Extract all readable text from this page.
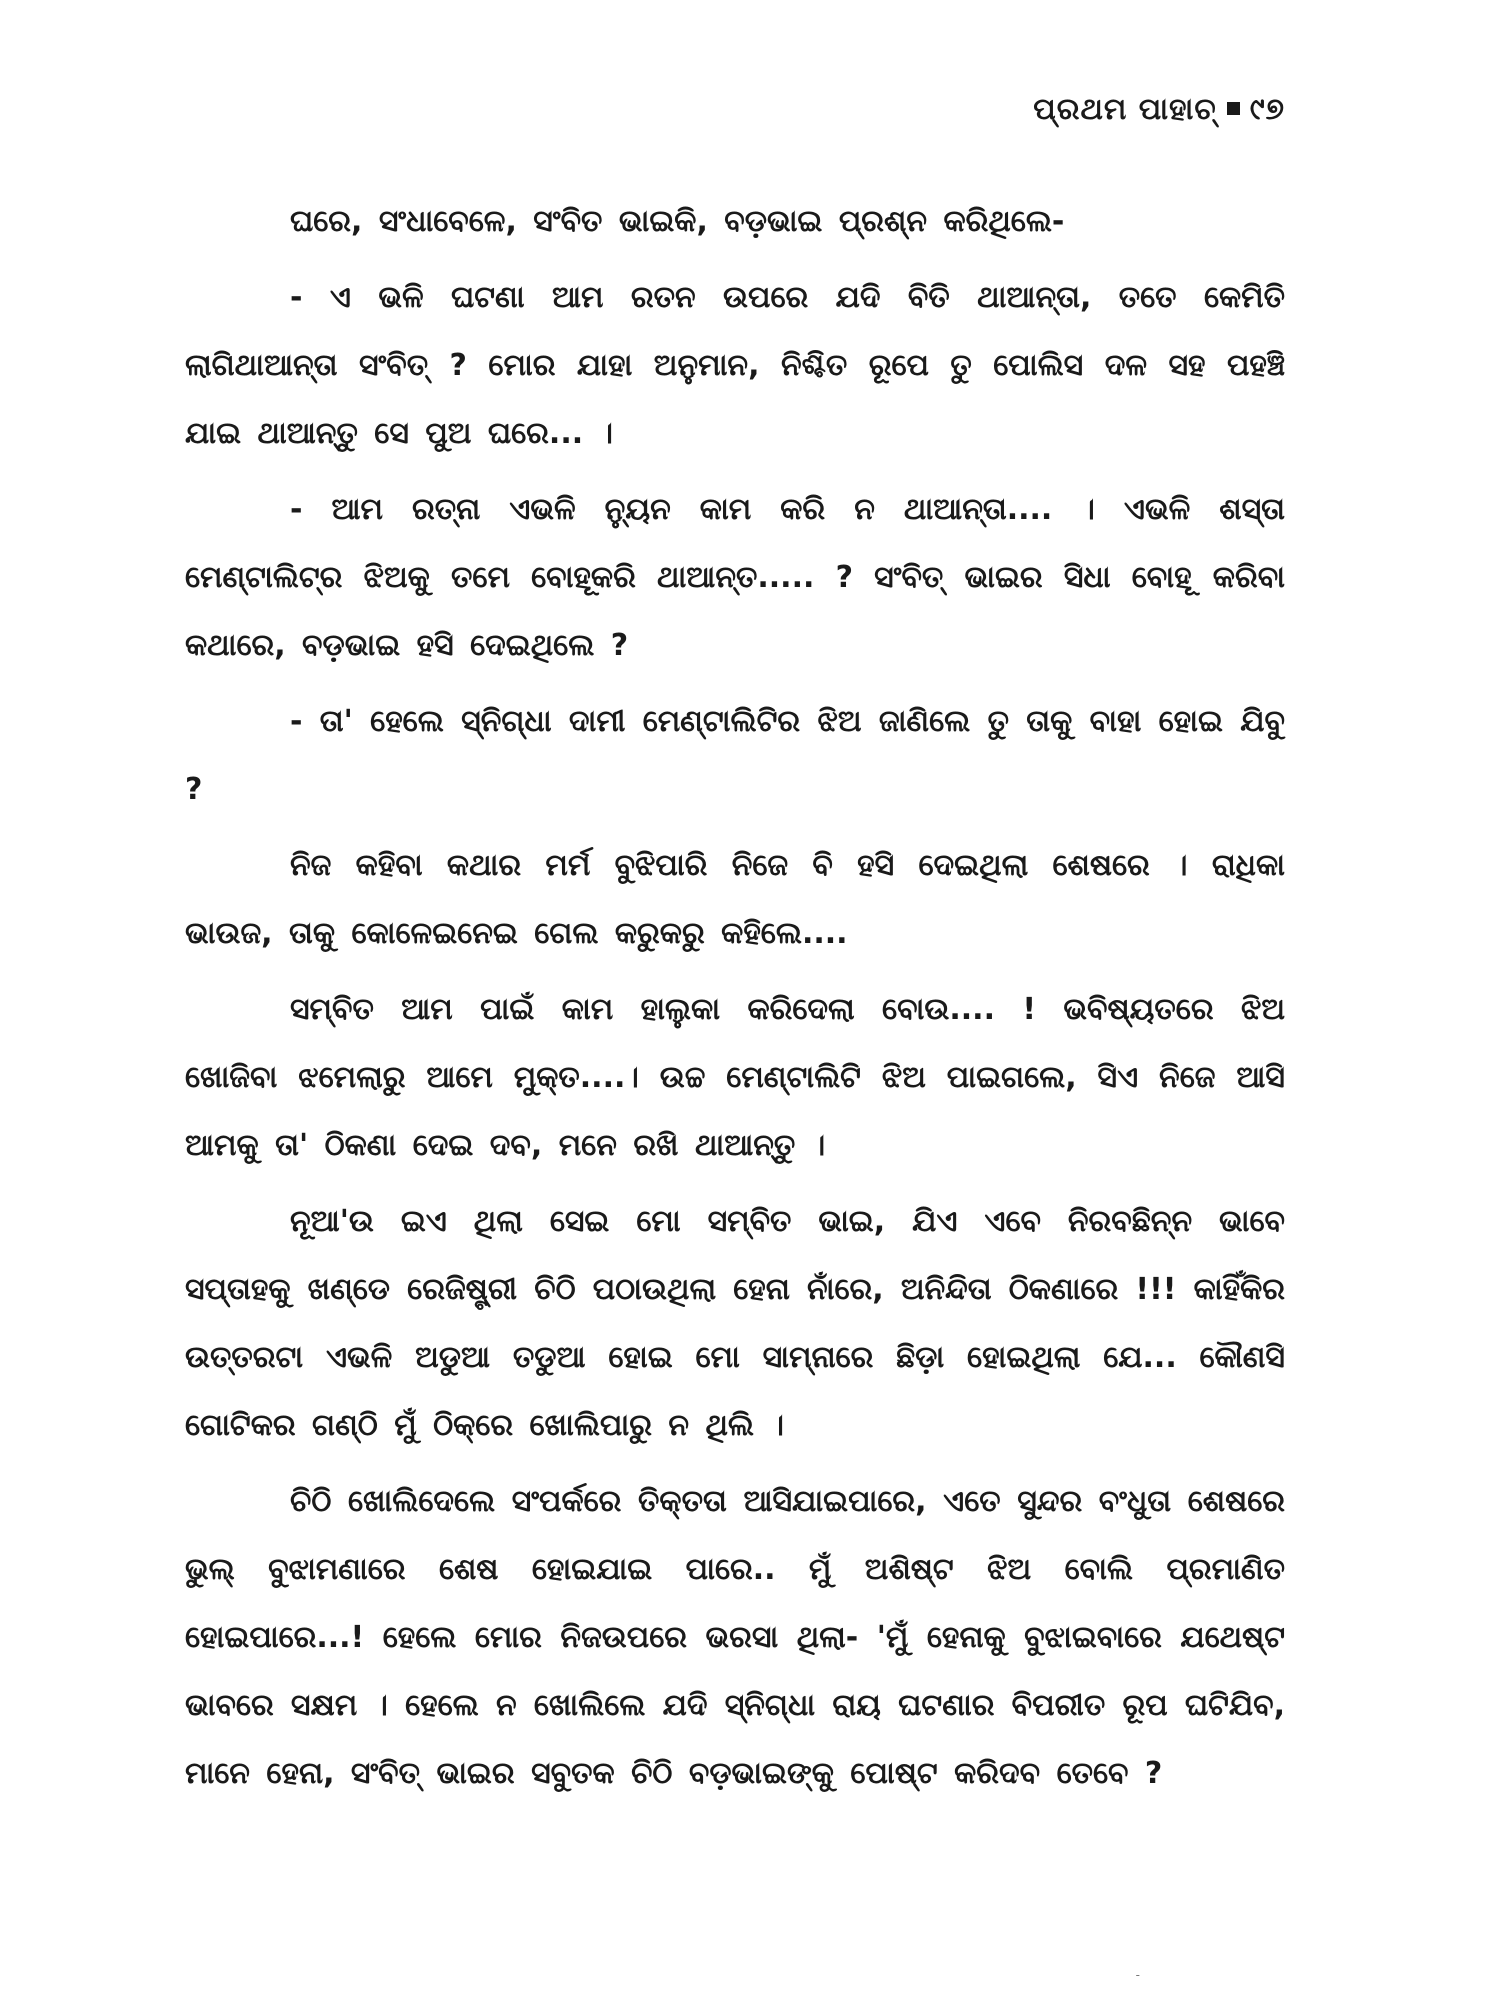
ପ୍ରଥମ ପାହାଚ୍ ୯୭

ଘରେ, ସଂଧାବେଳେ, ସଂବିତ ଭାଇକି, ବଡ଼ଭାଇ ପ୍ରଶ୍ନ କରିଥିଲେ-

- ଏ ଭଳି ଘଟଣା ଆମ ରତନ ଉପରେ ଯଦି ବିତି ଥାଆନ୍ତା, ତତେ କେମିତି ଲାଗିଥାଆନ୍ତା ସଂବିତ୍ ? ମୋର ଯାହା ଅନୁମାନ, ନିଶ୍ଚିତ ରୂପେ ତୁ ପୋଲିସ ଦଳ ସହ ପହଞ୍ଚି ଯାଇ ଥାଆନ୍ତୁ ସେ ପୁଅ ଘରେ... ।

- ଆମ ରତ୍ନା ଏଭଳି ନ୍ୟୁନ କାମ କରି ନ ଥାଆନ୍ତା.... । ଏଭଳି ଶସ୍ତା ମେଣ୍ଟାଲିଟ୍‌ର ଝିଅକୁ ତମେ ବୋହୂକରି ଥାଆନ୍ତ..... ? ସଂବିତ୍ ଭାଇର ସିଧା ବୋହୂ କରିବା କଥାରେ, ବଡ଼ଭାଇ ହସି ଦେଇଥିଲେ ?

- ତା' ହେଲେ ସ୍ନିଗ୍ଧା ଦାମୀ ମେଣ୍ଟାଲିଟିର ଝିଅ ଜାଣିଲେ ତୁ ତାକୁ ବାହା ହୋଇ ଯିବୁ ?

ନିଜ କହିବା କଥାର ମର୍ମ ବୁଝିପାରି ନିଜେ ବି ହସି ଦେଇଥିଲା ଶେଷରେ । ରାଧିକା ଭାଉଜ, ତାକୁ କୋଳେଇନେଇ ଗେଲ କରୁକରୁ କହିଲେ....

ସମ୍ବିତ ଆମ ପାଇଁ କାମ ହାଲୁକା କରିଦେଲା ବୋଉ.... ! ଭବିଷ୍ୟତରେ ଝିଅ ଖୋଜିବା ଝମେଲାରୁ ଆମେ ମୁକ୍ତ....। ଉଚ୍ଚ ମେଣ୍ଟାଲିଟି ଝିଅ ପାଇଗଲେ, ସିଏ ନିଜେ ଆସି ଆମକୁ ତା' ଠିକଣା ଦେଇ ଦବ, ମନେ ରଖି ଥାଆନ୍ତୁ ।

ନୂଆ'ଉ ଇଏ ଥିଲା ସେଇ ମୋ ସମ୍ବିତ ଭାଇ, ଯିଏ ଏବେ ନିରବଛିନ୍ନ ଭାବେ ସପ୍ତାହକୁ ଖଣ୍ଡେ ରେଜିଷ୍ଟ୍ରୀ ଚିଠି ପଠାଉଥିଲା ହେନା ନାଁରେ, ଅନିନ୍ଦିତା ଠିକଣାରେ !!! କାହିଁକିର ଉତ୍ତରଟା ଏଭଳି ଅଡୁଆ ତଡୁଆ ହୋଇ ମୋ ସାମ୍ନାରେ ଛିଡ଼ା ହୋଇଥିଲା ଯେ... କୌଣସି ଗୋଟିକର ଗଣ୍ଠି ମୁଁ ଠିକ୍‌ରେ ଖୋଲିପାରୁ ନ ଥିଲି ।

ଚିଠି ଖୋଲିଦେଲେ ସଂପର୍କରେ ତିକ୍ତତା ଆସିଯାଇପାରେ, ଏତେ ସୁନ୍ଦର ବଂଧୁତା ଶେଷରେ ଭୁଲ୍ ବୁଝାମଣାରେ ଶେଷ ହୋଇଯାଇ ପାରେ.. ମୁଁ ଅଶିଷ୍ଟ ଝିଅ ବୋଲି ପ୍ରମାଣିତ ହୋଇପାରେ...! ହେଲେ ମୋର ନିଜଉପରେ ଭରସା ଥିଲା- 'ମୁଁ ହେନାକୁ ବୁଝାଇବାରେ ଯଥେଷ୍ଟ ଭାବରେ ସକ୍ଷମ । ହେଲେ ନ ଖୋଲିଲେ ଯଦି ସ୍ନିଗ୍ଧା ରାୟ ଘଟଣାର ବିପରୀତ ରୂପ ଘଟିଯିବ, ମାନେ ହେନା, ସଂବିତ୍ ଭାଇର ସବୁତକ ଚିଠି ବଡ଼ଭାଇଙ୍କୁ ପୋଷ୍ଟ କରିଦବ ତେବେ ?

-
